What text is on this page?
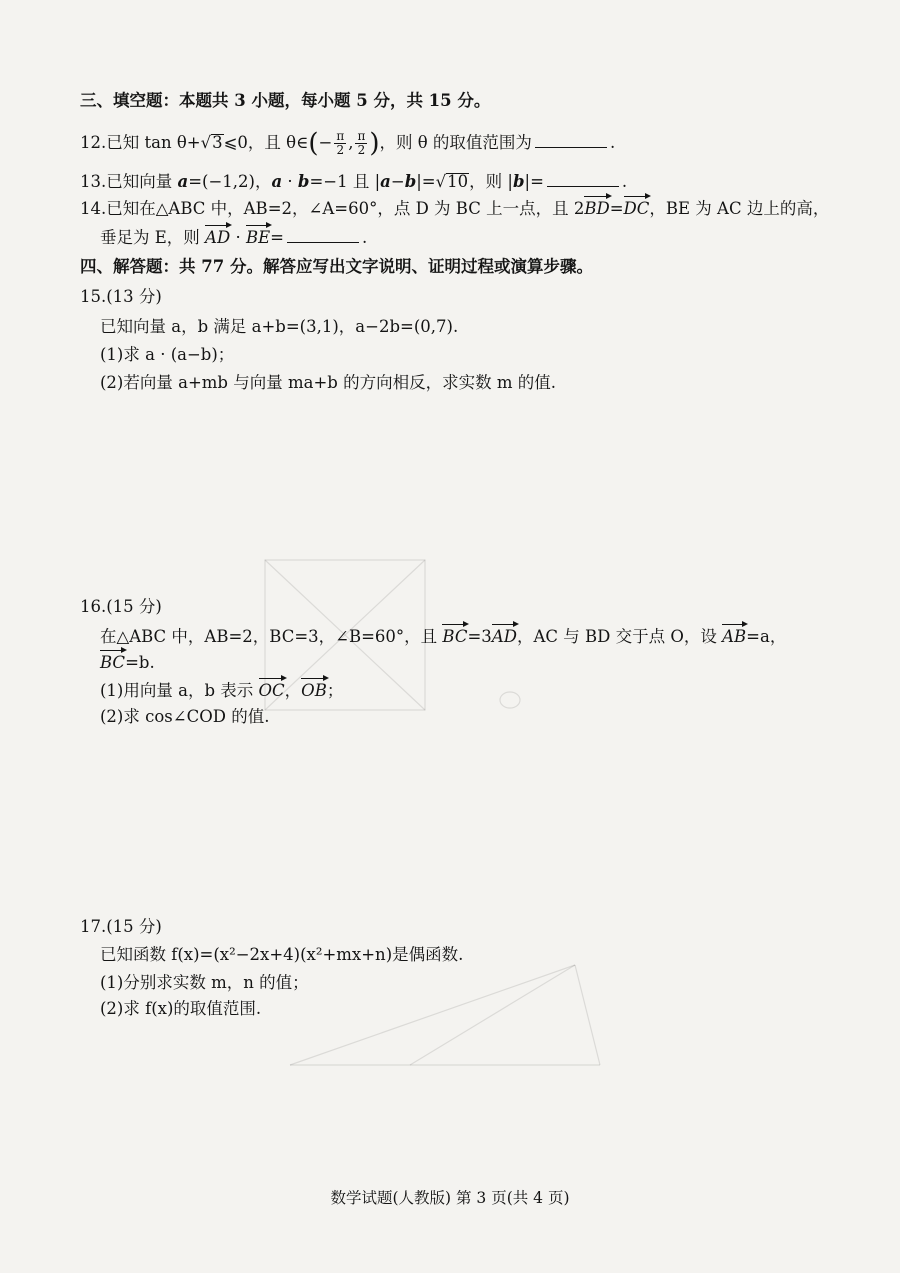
三、填空题：本题共 3 小题，每小题 5 分，共 15 分。
12.已知 tan θ+√3⩽0，且 θ∈(− $\frac{\pi}{2}$ , $\frac{\pi}{2}$ )，则 θ 的取值范围为	.
13.已知向量 a=(−1,2)，a · b=−1 且 |a−b|=√10，则 |b|=	.
14.已知在△ABC 中，AB=2，∠A=60°，点 D 为 BC 上一点，且 2BD=DC，BE 为 AC 边上的高，
垂足为 E，则 AD · BE=	.
四、解答题：共 77 分。解答应写出文字说明、证明过程或演算步骤。
15.(13 分)
已知向量 a，b 满足 a+b=(3,1)，a−2b=(0,7).
(1)求 a · (a−b)；
(2)若向量 a+mb 与向量 ma+b 的方向相反，求实数 m 的值.
16.(15 分)
在△ABC 中，AB=2，BC=3，∠B=60°，且 BC=3AD，AC 与 BD 交于点 O，设 AB=a，
BC=b.
(1)用向量 a，b 表示 OC，OB；
(2)求 cos∠COD 的值.
17.(15 分)
已知函数 f(x)=(x²−2x+4)(x²+mx+n)是偶函数.
(1)分别求实数 m，n 的值；
(2)求 f(x)的取值范围.
数学试题(人教版) 第 3 页(共 4 页)
